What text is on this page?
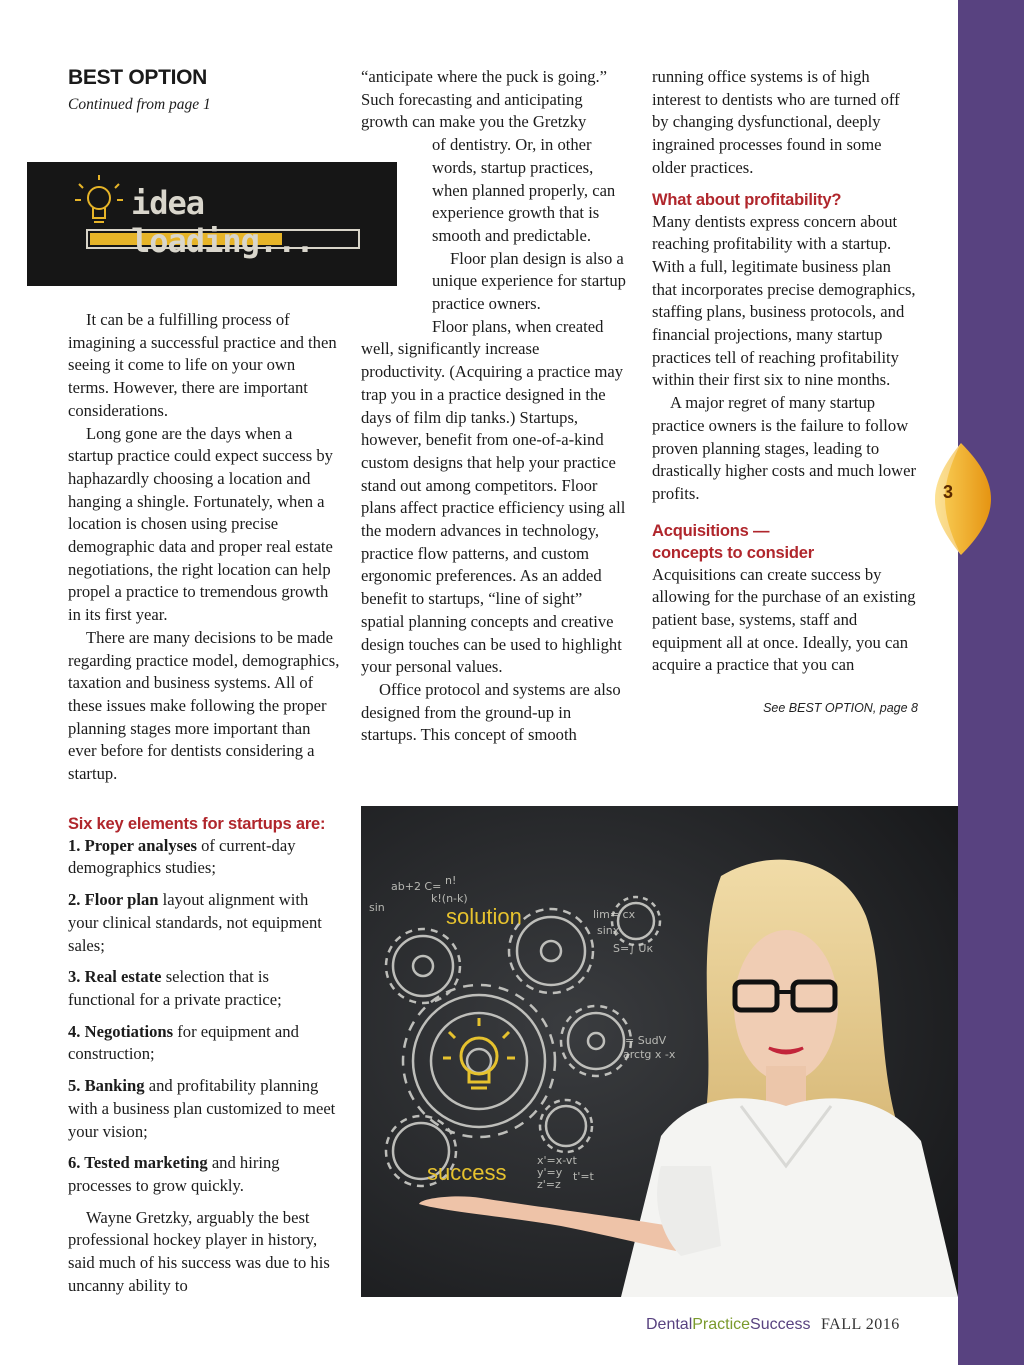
3

BEST OPTION

Continued from page 1

idea loading...

It can be a fulfilling process of imagining a successful practice and then seeing it come to life on your own terms. However, there are important considerations.

Long gone are the days when a startup practice could expect success by haphazardly choosing a location and hanging a shingle. Fortunately, when a location is chosen using precise demographic data and proper real estate negotiations, the right location can help propel a practice to tremendous growth in its first year.

There are many decisions to be made regarding practice model, demographics, taxation and business systems. All of these issues make following the proper planning stages more important than ever before for dentists considering a startup.

Six key elements for startups are:

1. Proper analyses of current-day demographics studies;

2. Floor plan layout alignment with your clinical standards, not equipment sales;

3. Real estate selection that is functional for a private practice;

4. Negotiations for equipment and construction;

5. Banking and profitability planning with a business plan customized to meet your vision;

6. Tested marketing and hiring processes to grow quickly.

Wayne Gretzky, arguably the best professional hockey player in history, said much of his success was due to his uncanny ability to

“anticipate where the puck is going.” Such forecasting and anticipating growth can make you the Gretzky

of dentistry. Or, in other words, startup practices, when planned properly, can experience growth that is smooth and predictable.

Floor plan design is also a unique experience for startup practice owners.

Floor plans, when created

well, significantly increase productivity. (Acquiring a practice may trap you in a practice designed in the days of film dip tanks.) Startups, however, benefit from one-of-a-kind custom designs that help your practice stand out among competitors. Floor plans affect practice efficiency using all the modern advances in technology, practice flow patterns, and custom ergonomic preferences. As an added benefit to startups, “line of sight” spatial planning concepts and creative design touches can be used to highlight your personal values.

Office protocol and systems are also designed from the ground-up in startups. This concept of smooth

running office systems is of high interest to dentists who are turned off by changing dysfunctional, deeply ingrained processes found in some older practices.

What about profitability?

Many dentists express concern about reaching profitability with a startup. With a full, legitimate business plan that incorporates precise demographics, staffing plans, business protocols, and financial projections, many startup practices tell of reaching profitability within their first six to nine months.

A major regret of many startup practice owners is the failure to follow proven planning stages, leading to drastically higher costs and much lower profits.

Acquisitions —

concepts to consider

Acquisitions can create success by allowing for the purchase of an existing patient base, systems, staff and equipment all at once. Ideally, you can acquire a practice that you can

See BEST OPTION, page 8

solution
success
ab+2 C= n!
k!(n-k)
sin
lim= cx
sinx
S=∫ Uк
= SudV
arctg x -x
x'=x-vt
y'=y
z'=z
t'=t
DentalPracticeSuccess FALL 2016
